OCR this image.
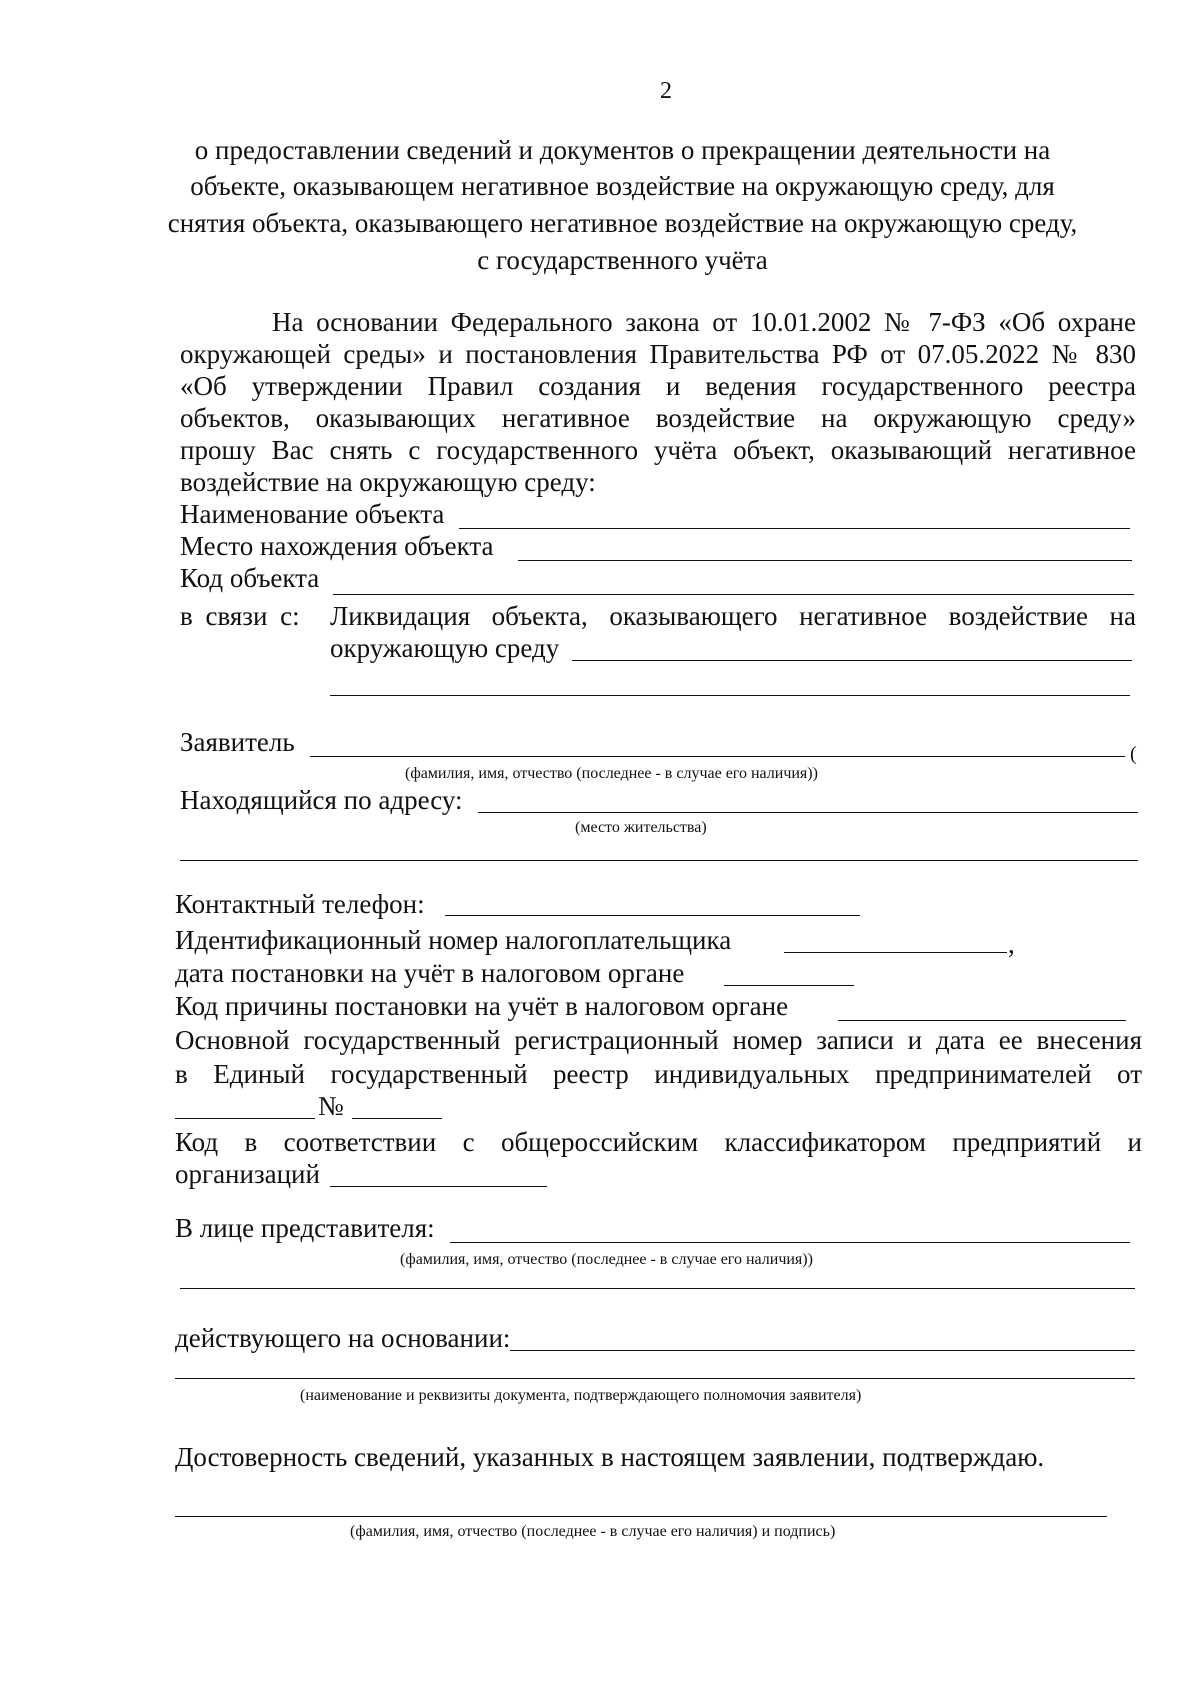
2
о предоставлении сведений и документов о прекращении деятельности на
объекте, оказывающем негативное воздействие на окружающую среду, для
снятия объекта, оказывающего негативное воздействие на окружающую среду,
с государственного учёта
На основании Федерального закона от 10.01.2002 № 7-ФЗ «Об охране
окружающей среды» и постановления Правительства РФ от 07.05.2022 № 830
«Об утверждении Правил создания и ведения государственного реестра
объектов, оказывающих негативное воздействие на окружающую среду»
прошу Вас снять с государственного учёта объект, оказывающий негативное
воздействие на окружающую среду:
Наименование объекта
Место нахождения объекта
Код объекта
в связи с: Ликвидация объекта, оказывающего негативное воздействие на
окружающую среду
Заявитель	(
(фамилия, имя, отчество (последнее - в случае его наличия))
Находящийся по адресу:
(место жительства)
Контактный телефон:
Идентификационный номер налогоплательщика	,
дата постановки на учёт в налоговом органе
Код причины постановки на учёт в налоговом органе
Основной государственный регистрационный номер записи и дата ее внесения
в Единый государственный реестр индивидуальных предпринимателей от
№
Код в соответствии с общероссийским классификатором предприятий и
организаций
В лице представителя:
(фамилия, имя, отчество (последнее - в случае его наличия))
действующего на основании:
(наименование и реквизиты документа, подтверждающего полномочия заявителя)
Достоверность сведений, указанных в настоящем заявлении, подтверждаю.
(фамилия, имя, отчество (последнее - в случае его наличия) и подпись)
